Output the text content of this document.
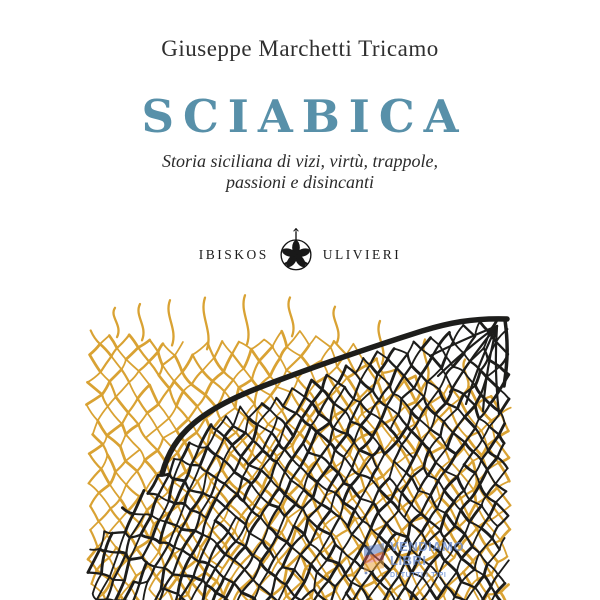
Giuseppe Marchetti Tricamo
SCIABICA
Storia siciliana di vizi, virtù, trappole,
passioni e disincanti
IBISKOS	ULIVIERI
VENDIAMO
LIBRI
DI TUTTI I TIPI
